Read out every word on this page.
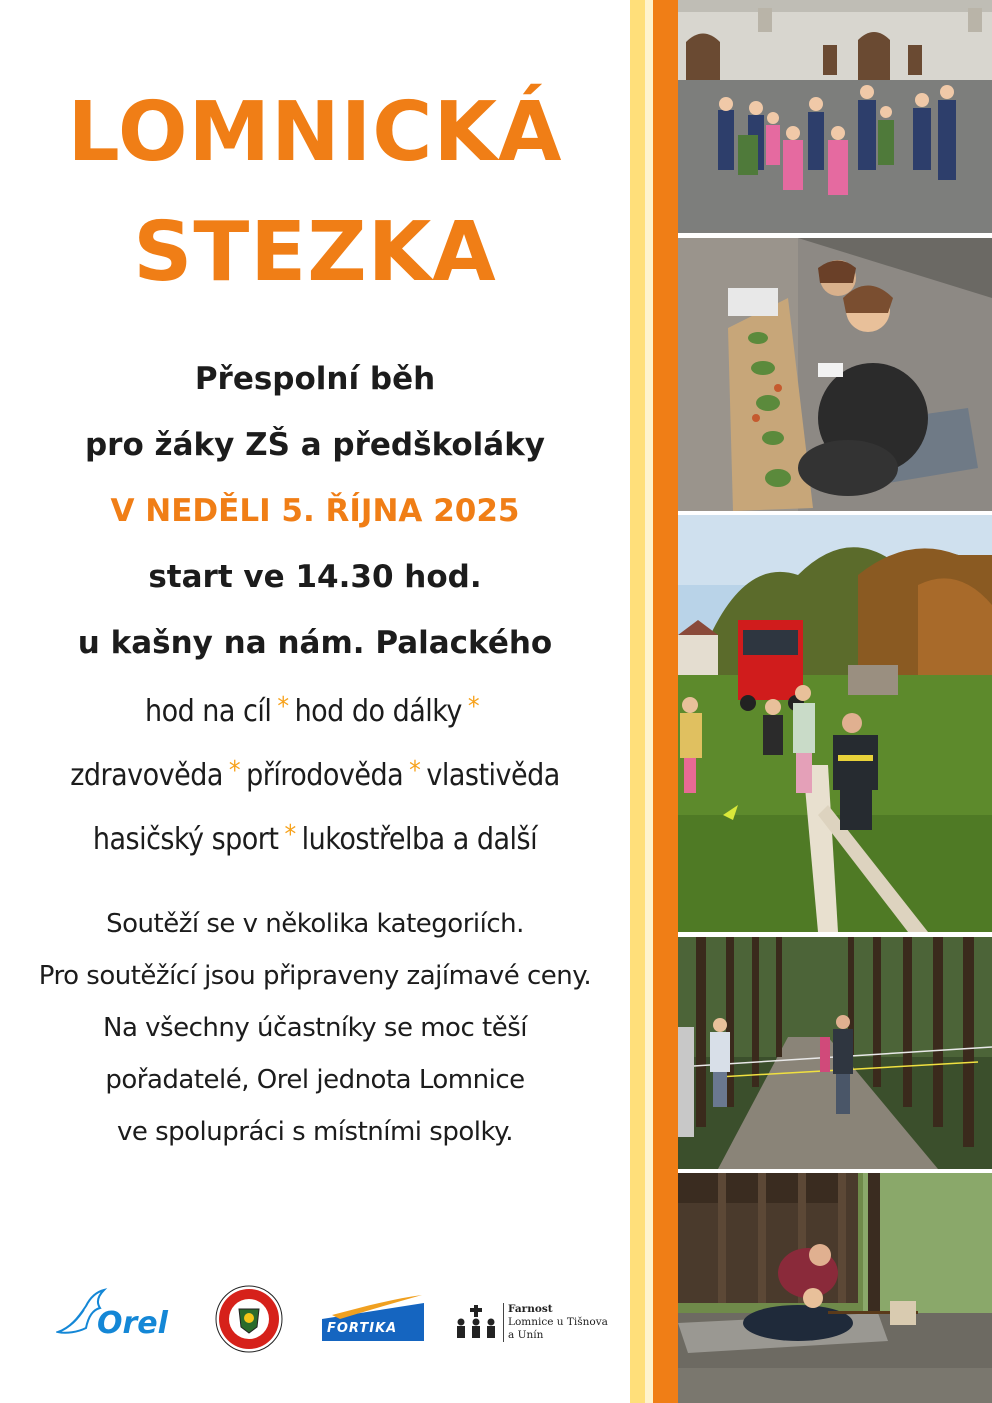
LOMNICKÁ
STEZKA
Přespolní běh
pro žáky ZŠ a předškoláky
V NEDĚLI 5. ŘÍJNA 2025
start ve 14.30 hod.
u kašny na nám. Palackého
hod na cíl * hod do dálky *
zdravověda * přírodověda * vlastivěda
hasičský sport * lukostřelba a další
Soutěží se v několika kategoriích.
Pro soutěžící jsou připraveny zajímavé ceny.
Na všechny účastníky se moc těší
pořadatelé, Orel jednota Lomnice
ve spolupráci s místními spolky.
Orel	FORTIKA
Farnost
Lomnice u Tišnova
a Unín
